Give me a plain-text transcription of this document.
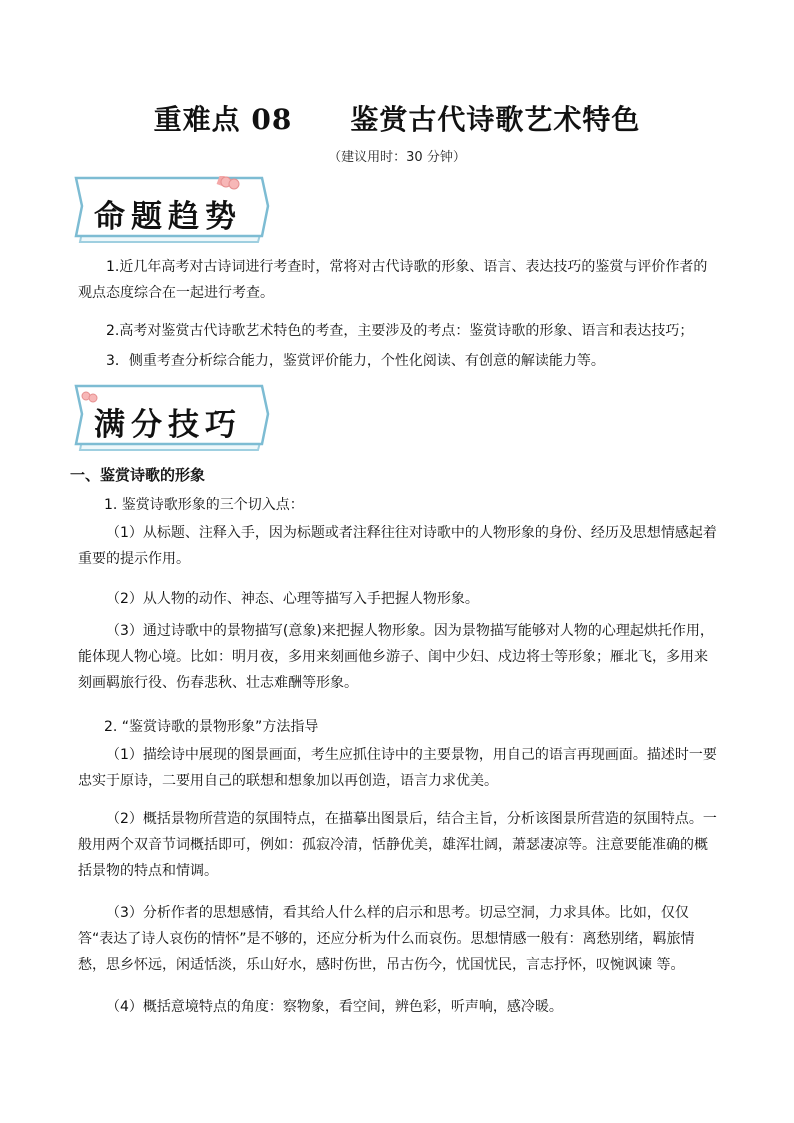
重难点 08 鉴赏古代诗歌艺术特色
（建议用时：30 分钟）
命题趋势
1.近几年高考对古诗词进行考查时，常将对古代诗歌的形象、语言、表达技巧的鉴赏与评价作者的观点态度综合在一起进行考查。
2.高考对鉴赏古代诗歌艺术特色的考查，主要涉及的考点：鉴赏诗歌的形象、语言和表达技巧；
3．侧重考查分析综合能力，鉴赏评价能力，个性化阅读、有创意的解读能力等。
满分技巧
一、鉴赏诗歌的形象
1. 鉴赏诗歌形象的三个切入点：
（1）从标题、注释入手，因为标题或者注释往往对诗歌中的人物形象的身份、经历及思想情感起着重要的提示作用。
（2）从人物的动作、神态、心理等描写入手把握人物形象。
（3）通过诗歌中的景物描写(意象)来把握人物形象。因为景物描写能够对人物的心理起烘托作用，能体现人物心境。比如：明月夜，多用来刻画他乡游子、闺中少妇、戍边将士等形象；雁北飞，多用来刻画羁旅行役、伤春悲秋、壮志难酬等形象。
2. “鉴赏诗歌的景物形象”方法指导
（1）描绘诗中展现的图景画面，考生应抓住诗中的主要景物，用自己的语言再现画面。描述时一要忠实于原诗，二要用自己的联想和想象加以再创造，语言力求优美。
（2）概括景物所营造的氛围特点，在描摹出图景后，结合主旨，分析该图景所营造的氛围特点。一般用两个双音节词概括即可，例如：孤寂冷清，恬静优美，雄浑壮阔，萧瑟凄凉等。注意要能准确的概括景物的特点和情调。
（3）分析作者的思想感情，看其给人什么样的启示和思考。切忌空洞，力求具体。比如，仅仅答“表达了诗人哀伤的情怀”是不够的，还应分析为什么而哀伤。思想情感一般有：离愁别绪，羁旅情愁，思乡怀远，闲适恬淡，乐山好水，感时伤世，吊古伤今，忧国忧民，言志抒怀，叹惋讽谏 等。
（4）概括意境特点的角度：察物象，看空间，辨色彩，听声响，感冷暖。
